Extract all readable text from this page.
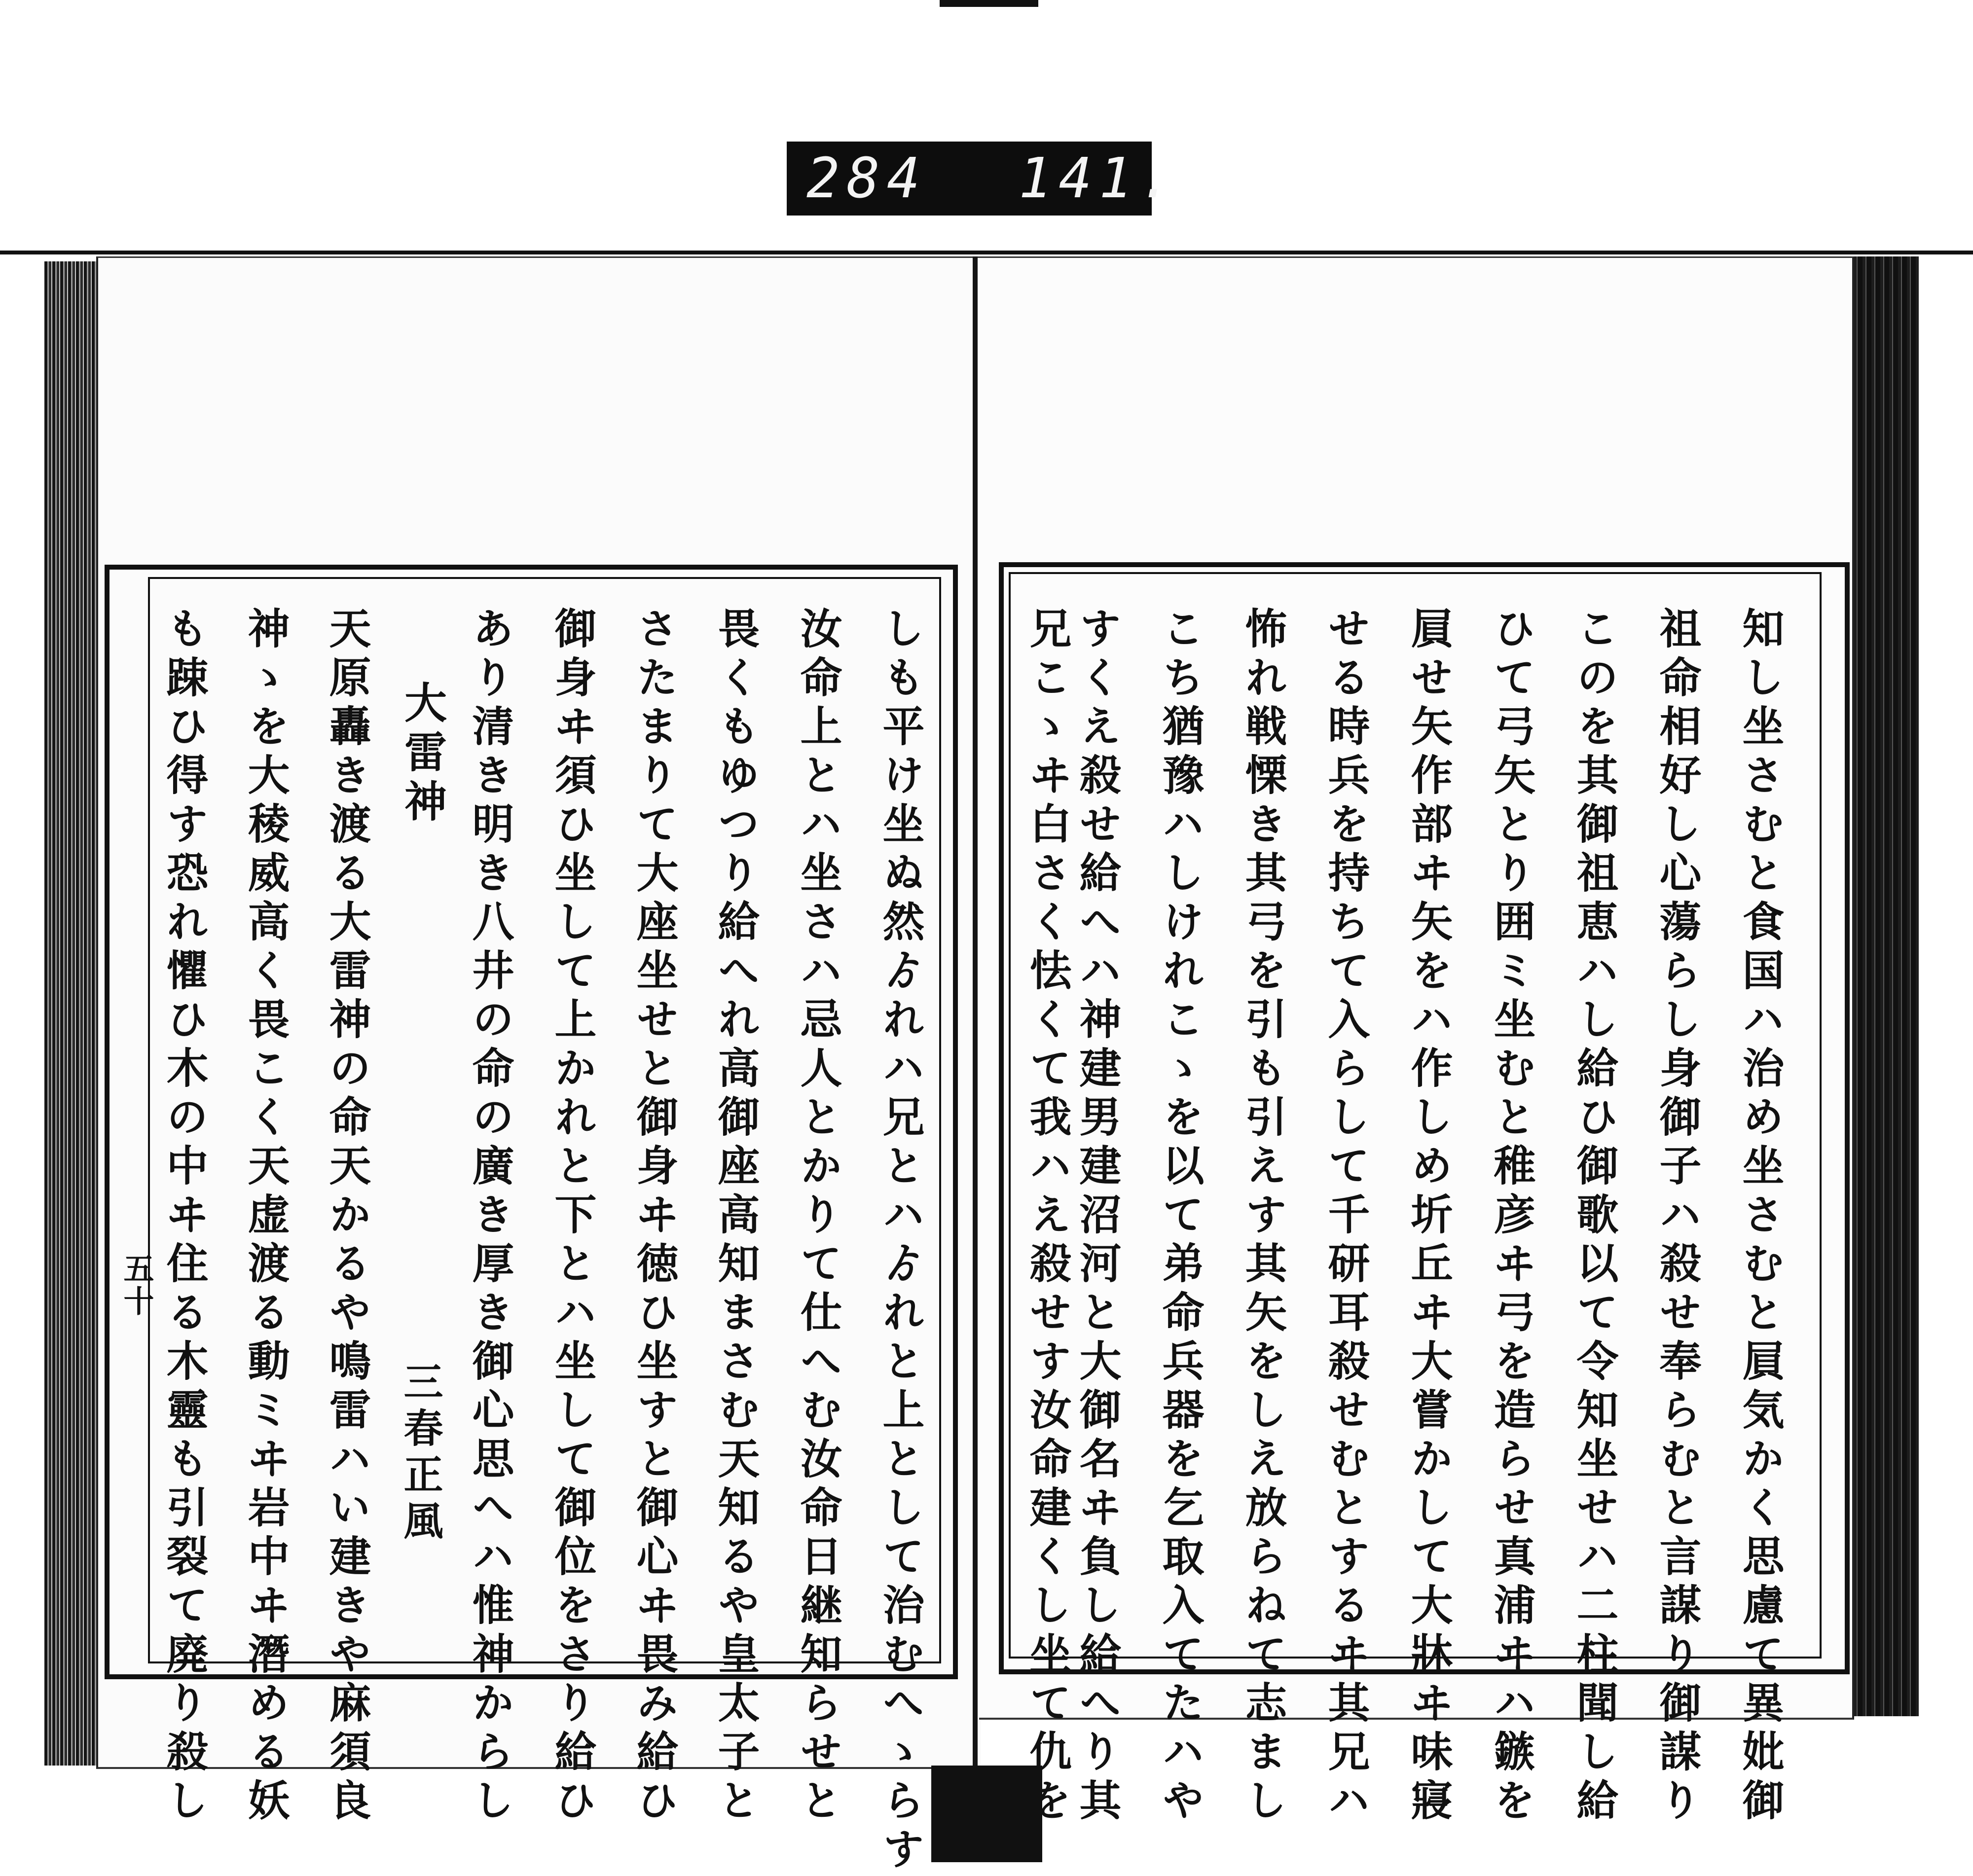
284 141.
知し坐さむと食国ハ治め坐さむと屓気かく思慮て異妣御
祖命相好し心蕩らし身御子ハ殺せ奉らむと言謀り御謀り
このを其御祖恵ハし給ひ御歌以て令知坐せハ二柱聞し給
ひて弓矢とり囲ミ坐むと稚彦ヰ弓を造らせ真浦ヰハ鏃を
屓せ矢作部ヰ矢をハ作しめ圻丘ヰ大嘗かして大牀ヰ味寢
せる時兵を持ちて入らして千研耳殺せむとするヰ其兄ハ
怖れ戦慄き其弓を引も引えす其矢をしえ放らねて志まし
こち猶豫ハしけれこゝを以て弟命兵器を乞取入てたハや
すくえ殺せ給へハ神建男建沼河と大御名ヰ負し給へり其
兄こゝヰ白さく怯くて我ハえ殺せす汝命建くし坐て仇を
しも平け坐ぬ然ゟれハ兄とハゟれと上として治むへゝらす
汝命上とハ坐さハ忌人とかりて仕へむ汝命日継知らせと
畏くもゆつり給へれ高御座高知まさむ天知るや皇太子と
さたまりて大座坐せと御身ヰ徳ひ坐すと御心ヰ畏み給ひ
御身ヰ須ひ坐して上かれと下とハ坐して御位をさり給ひ
あり清き明き八井の命の廣き厚き御心思へハ惟神からし
大雷神
三春正風
天原轟き渡る大雷神の命天かるや鳴雷ハい建きや麻須良
神ゝを大稜威高く畏こく天虚渡る動ミヰ岩中ヰ潛める妖
も踈ひ得す恐れ懼ひ木の中ヰ住る木靈も引裂て廃り殺し
五十
